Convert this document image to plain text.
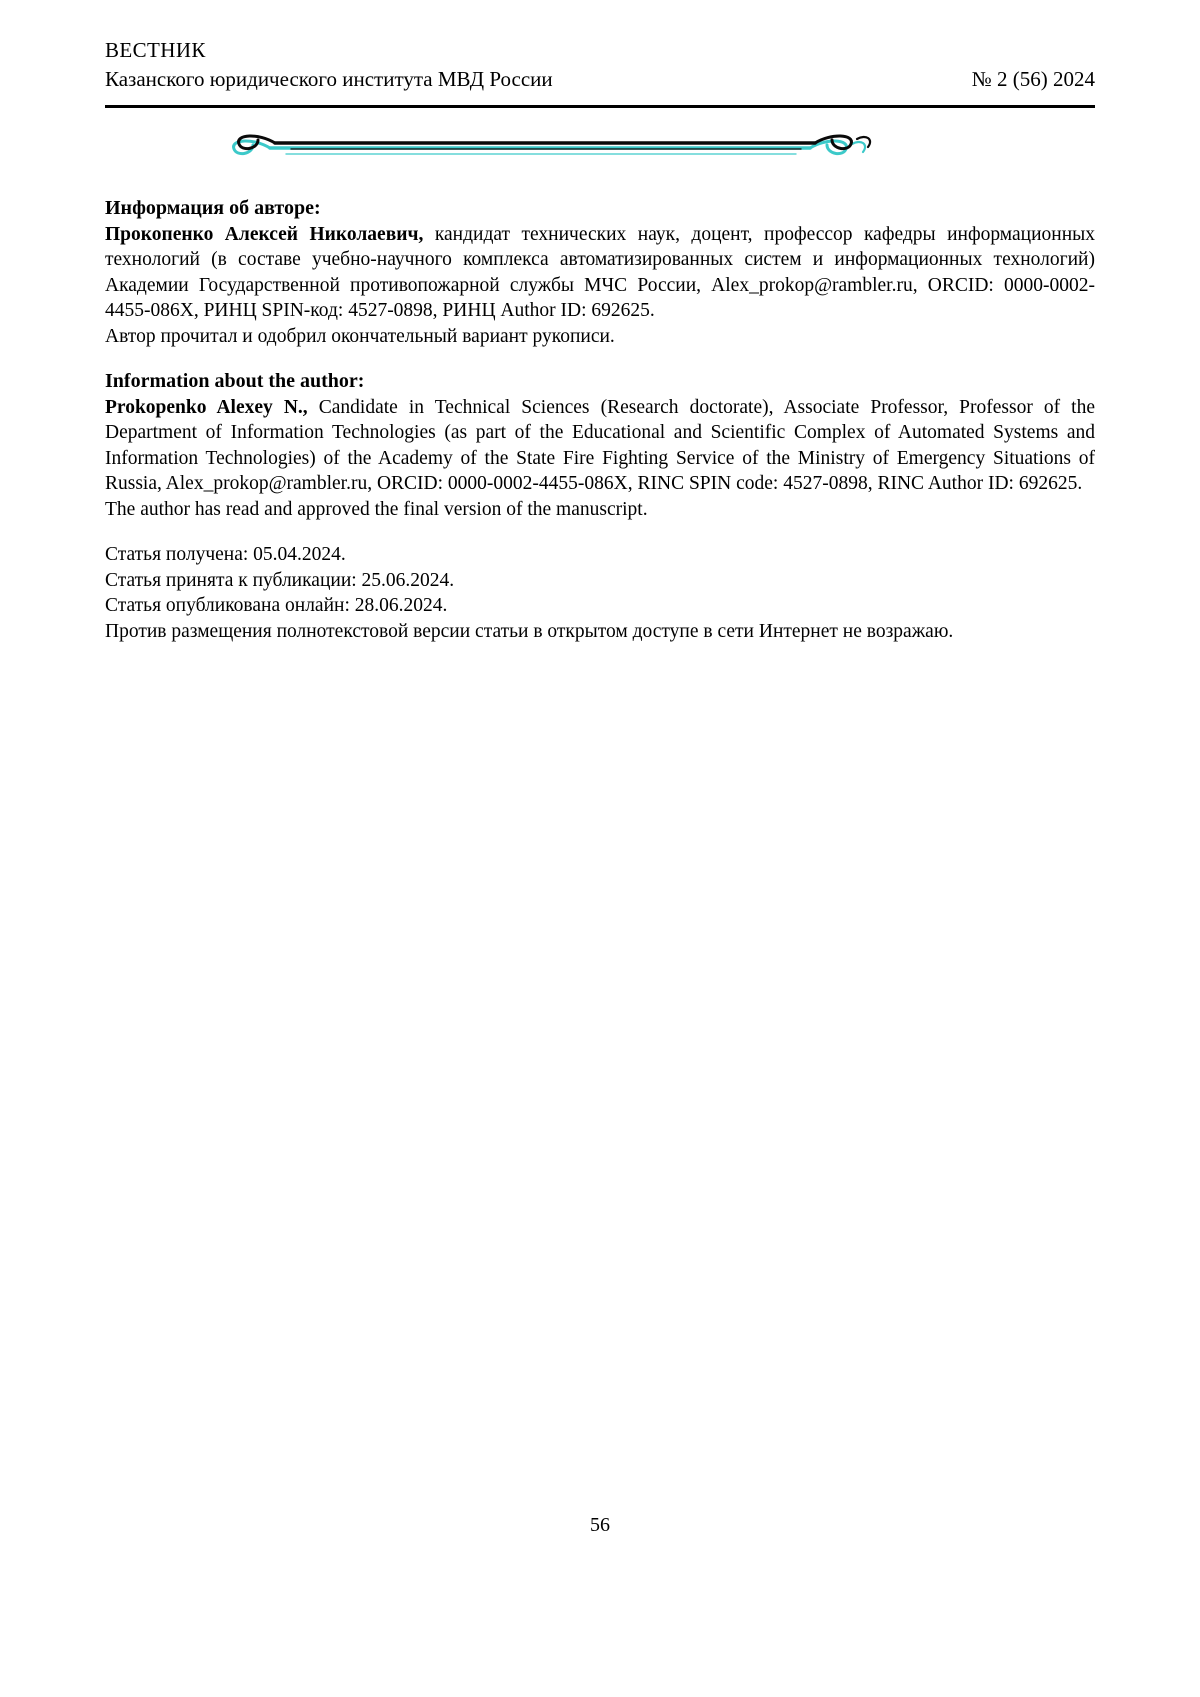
ВЕСТНИК
Казанского юридического института МВД России	№ 2 (56) 2024

Информация об авторе:

Прокопенко Алексей Николаевич, кандидат технических наук, доцент, профессор кафедры информационных технологий (в составе учебно-научного комплекса автоматизированных систем и информационных технологий) Академии Государственной противопожарной службы МЧС России, Alex_prokop@rambler.ru, ORCID: 0000-0002-4455-086X, РИНЦ SPIN-код: 4527-0898, РИНЦ Author ID: 692625.

Автор прочитал и одобрил окончательный вариант рукописи.

Information about the author:

Prokopenko Alexey N., Candidate in Technical Sciences (Research doctorate), Associate Professor, Professor of the Department of Information Technologies (as part of the Educational and Scientific Complex of Automated Systems and Information Technologies) of the Academy of the State Fire Fighting Service of the Ministry of Emergency Situations of Russia, Alex_prokop@rambler.ru, ORCID: 0000-0002-4455-086X, RINC SPIN code: 4527-0898, RINC Author ID: 692625.

The author has read and approved the final version of the manuscript.

Статья получена: 05.04.2024.

Статья принята к публикации: 25.06.2024.

Статья опубликована онлайн: 28.06.2024.

Против размещения полнотекстовой версии статьи в открытом доступе в сети Интернет не возражаю.

56
